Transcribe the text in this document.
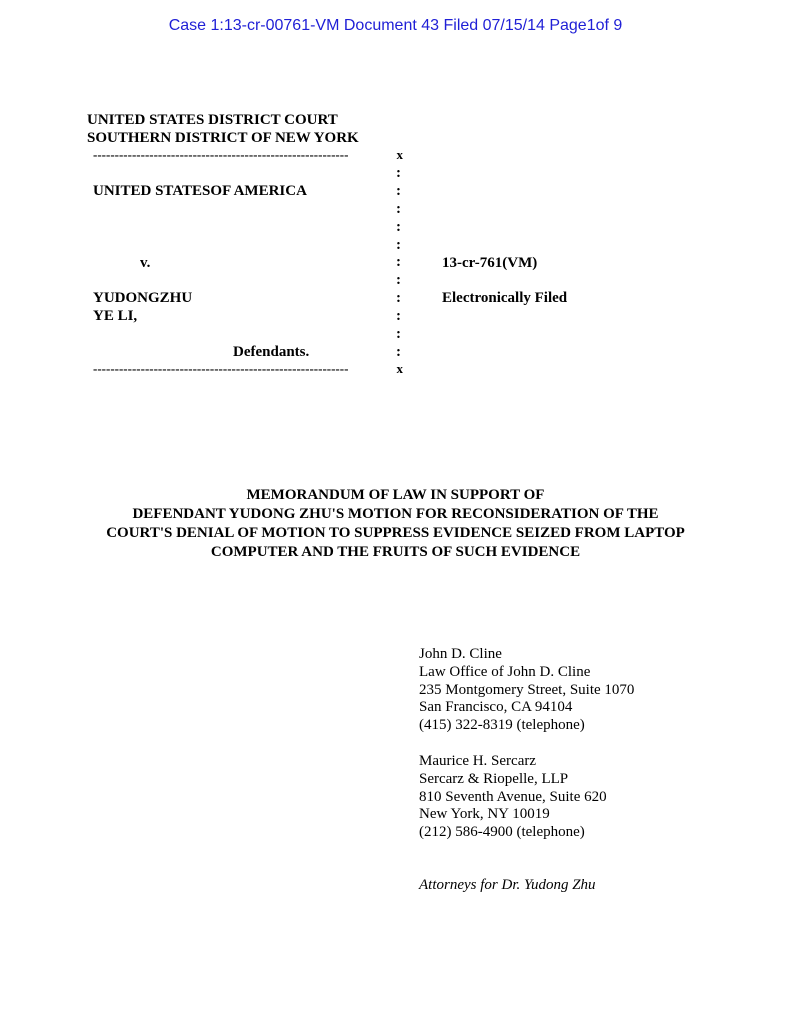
Case 1:13-cr-00761-VM Document 43 Filed 07/15/14 Page1of 9
UNITED STATES DISTRICT COURT
SOUTHERN DISTRICT OF NEW YORK
-----------------------------------------------------------	x
:
UNITED STATESOF AMERICA	:
:
:
:
v.	:	13-cr-761(VM)
:
YUDONGZHU	:	Electronically Filed
YE LI,	:
:
Defendants.	:
-----------------------------------------------------------	x
MEMORANDUM OF LAW IN SUPPORT OF
DEFENDANT YUDONG ZHU'S MOTION FOR RECONSIDERATION OF THE
COURT'S DENIAL OF MOTION TO SUPPRESS EVIDENCE SEIZED FROM LAPTOP
COMPUTER AND THE FRUITS OF SUCH EVIDENCE
John D. Cline
Law Office of John D. Cline
235 Montgomery Street, Suite 1070
San Francisco, CA 94104
(415) 322-8319 (telephone)
Maurice H. Sercarz
Sercarz & Riopelle, LLP
810 Seventh Avenue, Suite 620
New York, NY 10019
(212) 586-4900 (telephone)
Attorneys for Dr. Yudong Zhu
